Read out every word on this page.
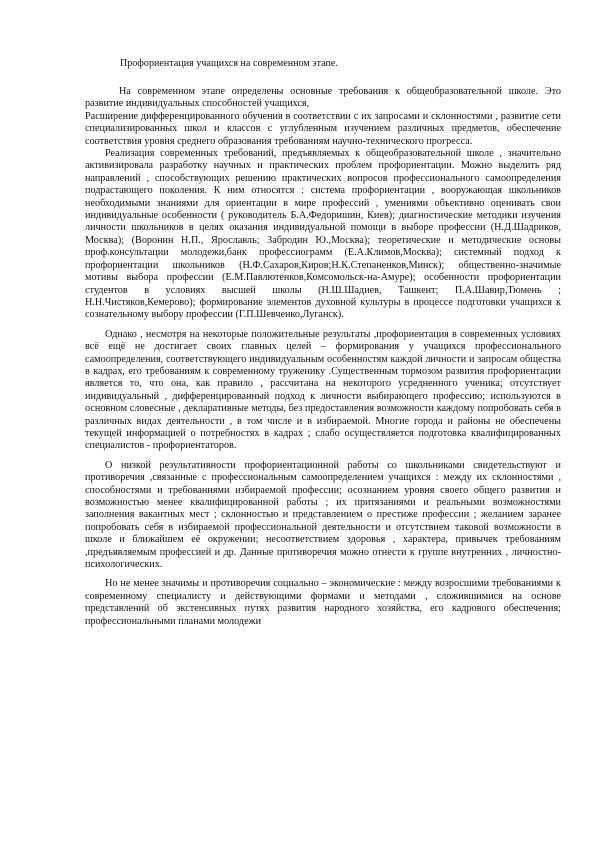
Профориентация учащихся на современном этапе.

На современном этапе определены основные требования к общеобразовательной школе. Это развитие индивидуальных способностей учащихся,

Расширение дифференцированного обучения в соответствии с их запросами и склонностями , развитие сети специализированных школ и классов с углубленным изучением различных предметов, обеспечение соответствия уровня среднего образования требованиям научно-технического прогресса.

Реализация современных требований, предъявляемых к общеобразовательной школе , значительно активизировала разработку научных и практических проблем профориентации. Можно выделить ряд направлений , способствующих решению практических вопросов профессионального самоопределения подрастающего поколения. К ним относятся : система профориентации , вооружающая школьников необходимыми знаниями для ориентации в мире профессий , умениями объективно оценивать свои индивидуальные особенности ( руководитель Б.А.Федоришин, Киев); диагностические методики изучения личности школьников в целях оказания индивидуальной помощи в выборе профессии (Н.Д.Шадриков, Москва); (Воронин Н.П., Ярославль; Забродин Ю.,Москва); теоретические и методические основы проф.консультации молодежи,банк профессиограмм (Е.А.Климов,Москва); системный подход к профориентации школьников (Н.Ф.Сахаров,Киров;Н.К.Степаненков,Минск); общественно-значимые мотивы выбора профессии (Е.М.Павлютенков,Комсомольск-на-Амуре); особенности профориентации студентов в условиях высшей школы (Н.Ш.Шадиев, Ташкент; П.А.Шавир,Тюмень ; Н.Н.Чистяков,Кемерово); формирование элементов духовной культуры в процессе подготовки учащихся к сознательному выбору профессии (Г.П.Шевченко,Луганск).

Однако , несмотря на некоторые положительные результаты ,профориентация в современных условиях всё ещё не достигает своих главных целей – формирования у учащихся профессионального самоопределения, соответствующего индивидуальным особенностям каждой личности и запросам общества в кадрах, его требованиям к современному труженику .Существенным тормозом развития профориентации является то, что она, как правило , рассчитана на некоторого усредненного ученика; отсутствует индивидуальный , дифференцированный подход к личности выбирающего профессию; используются в основном словесные , декларативные методы, без предоставления возможности каждому попробовать себя в различных видах деятельности , в том числе и в избираемой. Многие города и районы не обеспечены текущей информацией о потребностях в кадрах ; слабо осуществляется подготовка квалифицированных специалистов - профориентаторов.

О низкой результативности профориентационной работы со школьниками свидетельствуют и противоречия ,связанные с профессиональным самоопределением учащихся : между их склонностями , способностями и требованиями избираемой профессии; осознанием уровня своего общего развития и возможностью менее квалифицированной работы ; их притязаниями и реальными возможностями заполнения вакантных мест ; склонностью и представлением о престиже профессии ; желанием заранее попробовать себя в избираемой профессиональной деятельности и отсутствием таковой возможности в школе и ближайшем её окружении; несоответствием здоровья , характера, привычек требованиям ,предъявляемым профессией и др. Данные противоречия можно отнести к группе внутренних , личностно-психологических.

Но не менее значимы и противоречия социально – экономические : между возросшими требованиями к современному специалисту и действующими формами и методами , сложившимися на основе представлений об экстенсивных путях развития народного хозяйства, его кадрового обеспечения; профессиональными планами молодежи
